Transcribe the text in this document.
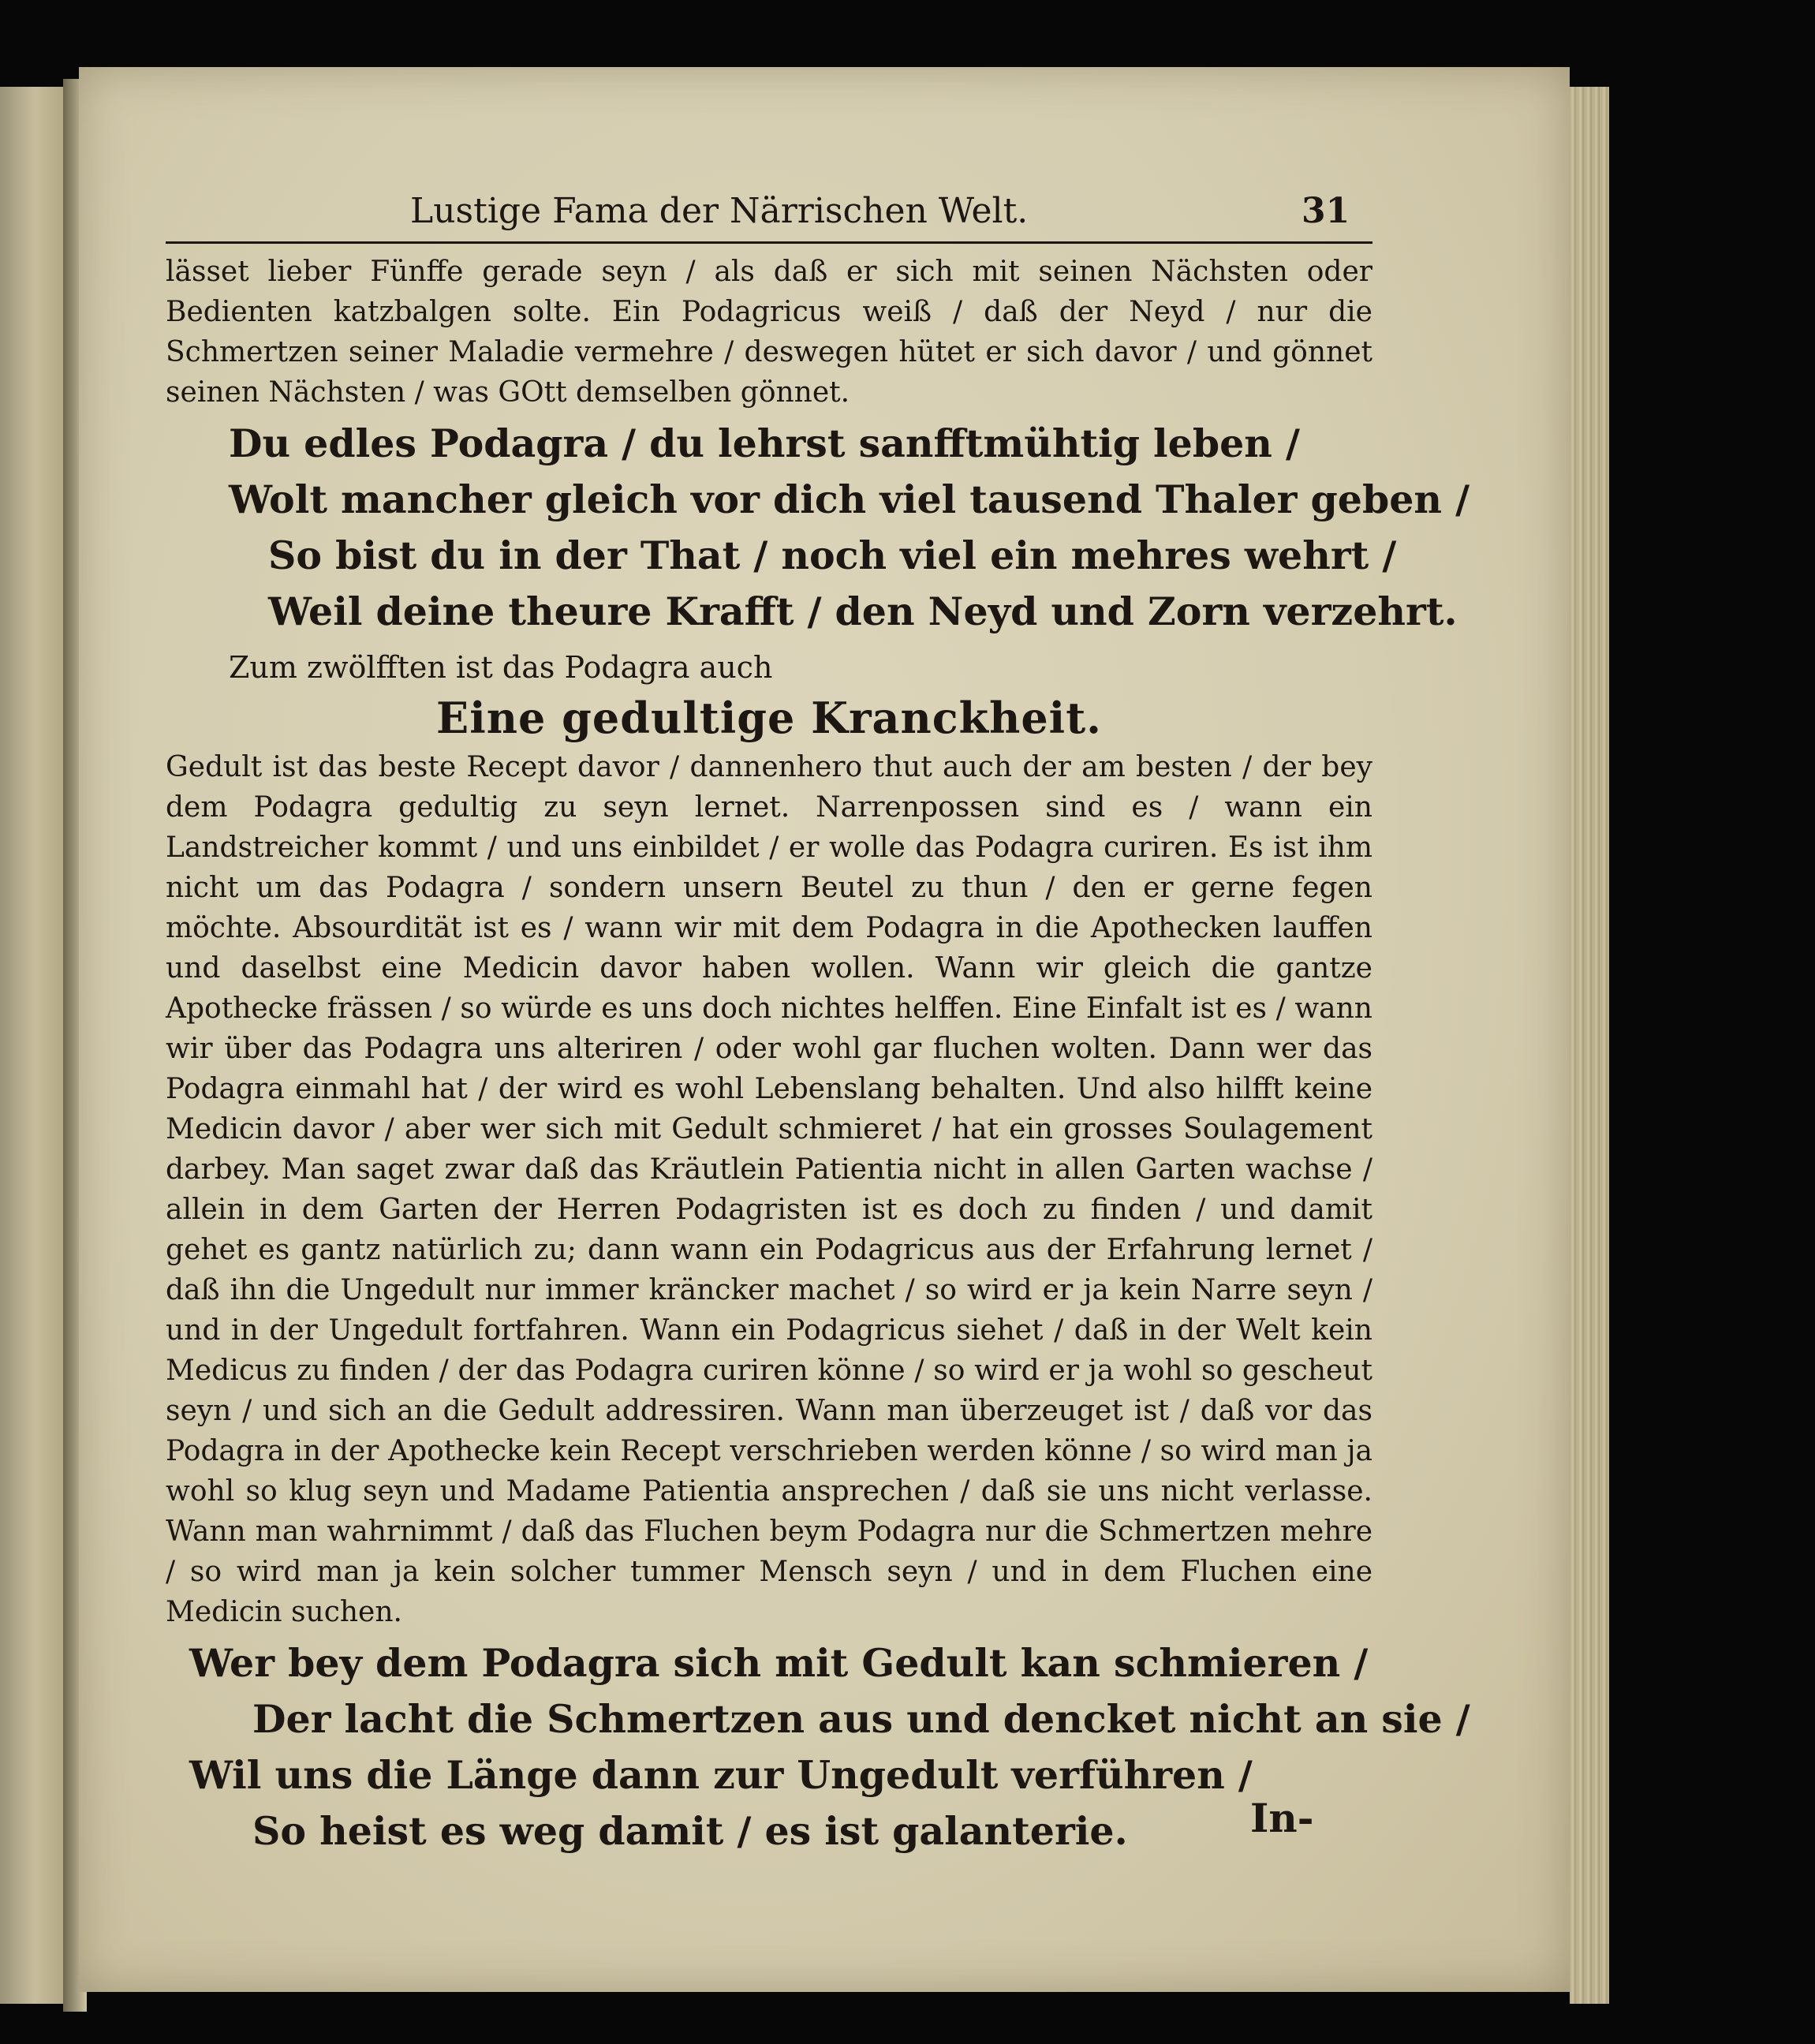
Lustige Fama der Närrischen Welt.	31

lässet lieber Fünffe gerade seyn / als daß er sich mit seinen Nächsten oder Bedienten katzbalgen solte. Ein Podagricus weiß / daß der Neyd / nur die Schmertzen seiner Maladie vermehre / deswegen hütet er sich davor / und gönnet seinen Nächsten / was GOtt demselben gönnet.

Du edles Podagra / du lehrst sanfftmühtig leben /
Wolt mancher gleich vor dich viel tausend Thaler geben /
So bist du in der That / noch viel ein mehres wehrt /
Weil deine theure Krafft / den Neyd und Zorn verzehrt.
Zum zwölfften ist das Podagra auch
Eine gedultige Kranckheit.

Gedult ist das beste Recept davor / dannenhero thut auch der am besten / der bey dem Podagra gedultig zu seyn lernet. Narrenpossen sind es / wann ein Landstreicher kommt / und uns einbildet / er wolle das Podagra curiren. Es ist ihm nicht um das Podagra / sondern unsern Beutel zu thun / den er gerne fegen möchte. Absourdität ist es / wann wir mit dem Podagra in die Apothecken lauffen und daselbst eine Medicin davor haben wollen. Wann wir gleich die gantze Apothecke frässen / so würde es uns doch nichtes helffen. Eine Einfalt ist es / wann wir über das Podagra uns alteriren / oder wohl gar fluchen wolten. Dann wer das Podagra einmahl hat / der wird es wohl Lebenslang behalten. Und also hilfft keine Medicin davor / aber wer sich mit Gedult schmieret / hat ein grosses Soulagement darbey. Man saget zwar daß das Kräutlein Patientia nicht in allen Garten wachse / allein in dem Garten der Herren Podagristen ist es doch zu finden / und damit gehet es gantz natürlich zu; dann wann ein Podagricus aus der Erfahrung lernet / daß ihn die Ungedult nur immer kräncker machet / so wird er ja kein Narre seyn / und in der Ungedult fortfahren. Wann ein Podagricus siehet / daß in der Welt kein Medicus zu finden / der das Podagra curiren könne / so wird er ja wohl so gescheut seyn / und sich an die Gedult addressiren. Wann man überzeuget ist / daß vor das Podagra in der Apothecke kein Recept verschrieben werden könne / so wird man ja wohl so klug seyn und Madame Patientia ansprechen / daß sie uns nicht verlasse. Wann man wahrnimmt / daß das Fluchen beym Podagra nur die Schmertzen mehre / so wird man ja kein solcher tummer Mensch seyn / und in dem Fluchen eine Medicin suchen.

Wer bey dem Podagra sich mit Gedult kan schmieren /
Der lacht die Schmertzen aus und dencket nicht an sie /
Wil uns die Länge dann zur Ungedult verführen /
So heist es weg damit / es ist galanterie.	In-
